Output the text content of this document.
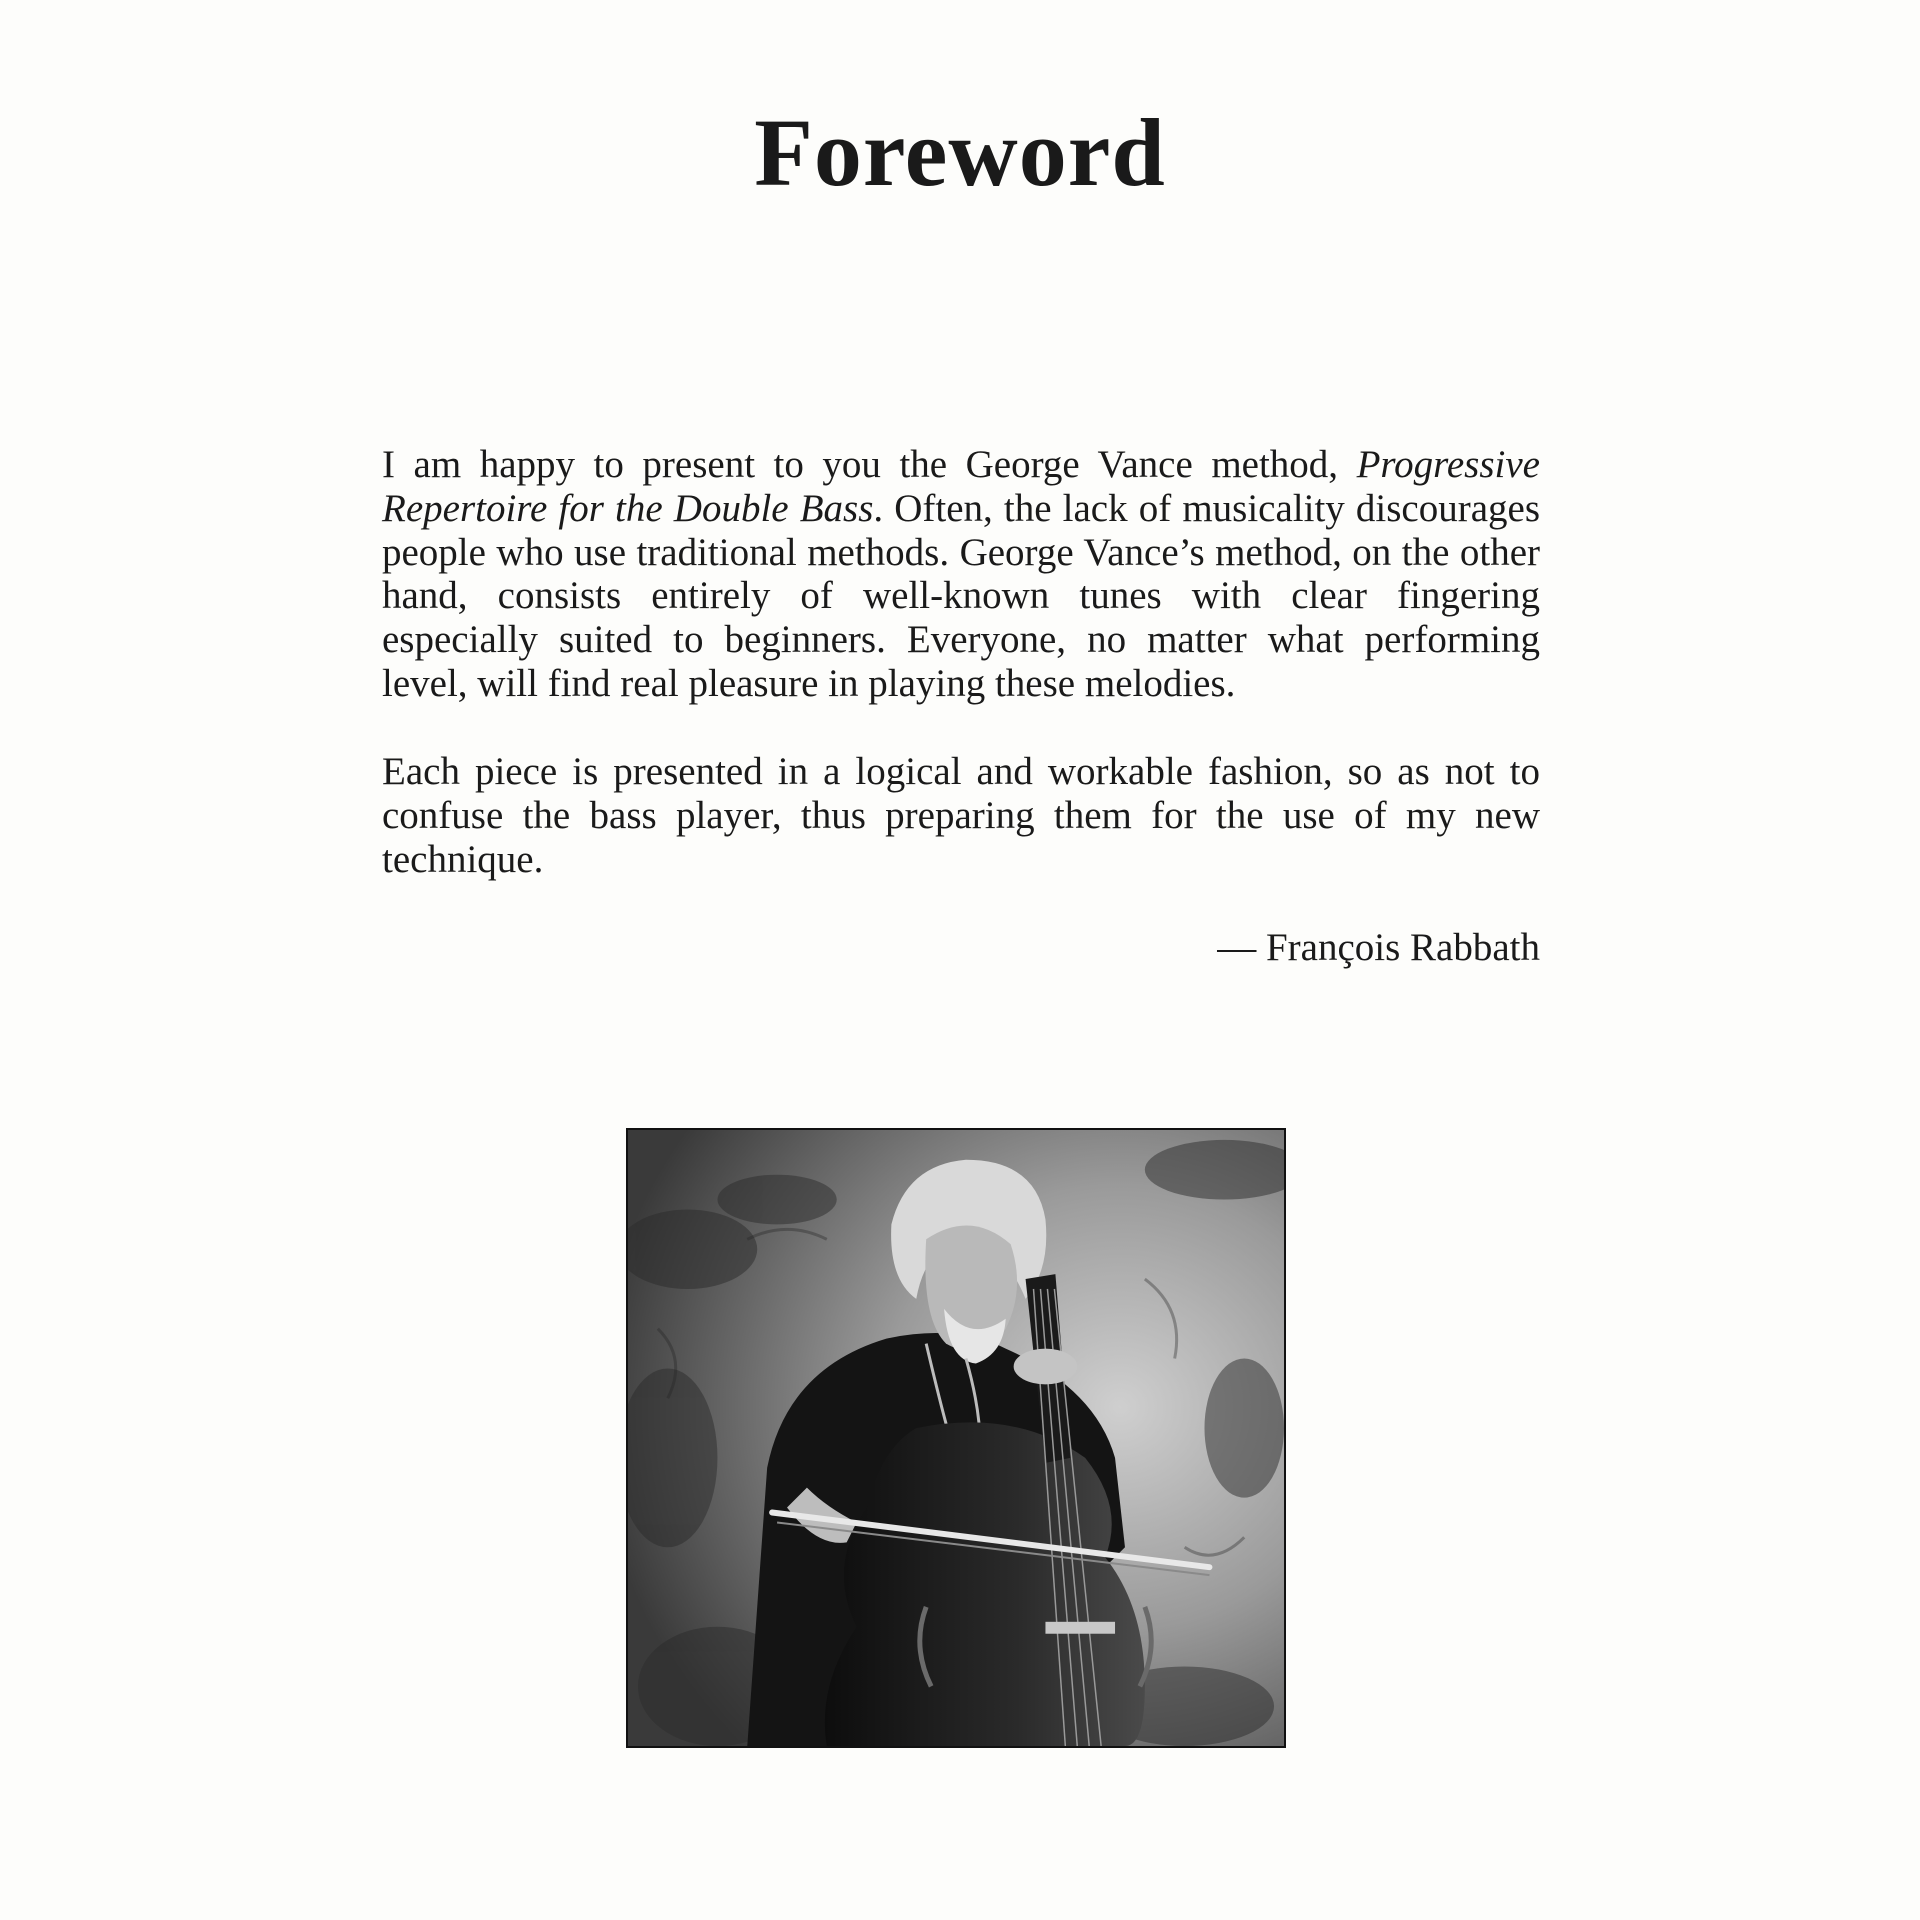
Foreword

I am happy to present to you the George Vance method, Progressive Repertoire for the Double Bass. Often, the lack of musicality discourages people who use traditional methods. George Vance’s method, on the other hand, consists entirely of well-known tunes with clear fingering especially suited to beginners. Everyone, no matter what performing level, will find real pleasure in playing these melodies.

Each piece is presented in a logical and workable fashion, so as not to confuse the bass player, thus preparing them for the use of my new technique.

— François Rabbath
